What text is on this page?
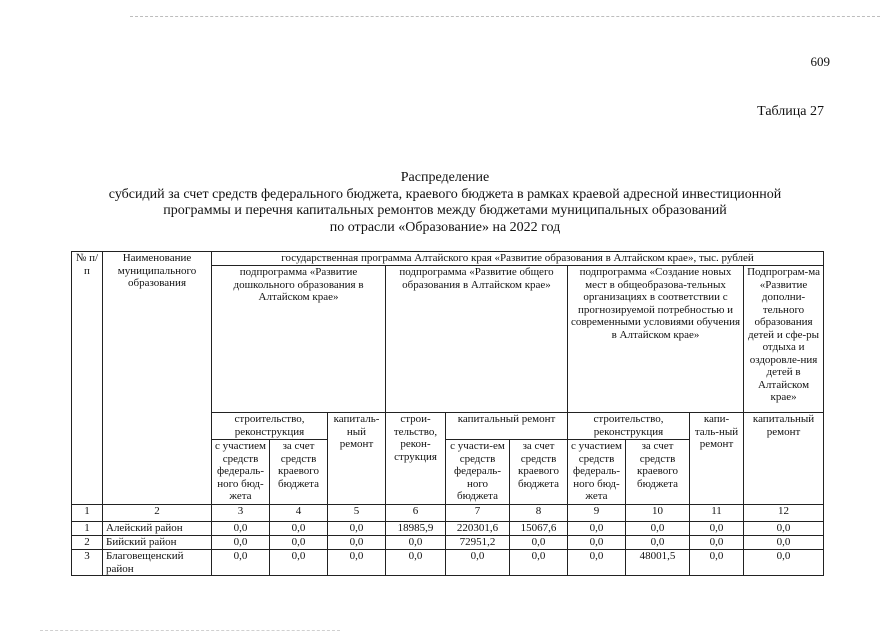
609
Таблица 27
Распределение
субсидий за счет средств федерального бюджета, краевого бюджета в рамках краевой адресной инвестиционной
программы и перечня капитальных ремонтов между бюджетами муниципальных образований
по отрасли «Образование» на 2022 год
№ п/п	Наименование муниципального образования	государственная программа Алтайского края «Развитие образования в Алтайском крае», тыс. рублей									
		подпрограмма «Развитие дошкольного образования в Алтайском крае»			подпрограмма «Развитие общего образования в Алтайском крае»			подпрограмма «Создание новых мест в общеобразова-тельных организациях в соответствии с прогнозируемой потребностью и современными условиями обучения в Алтайском крае»			Подпрограм-ма «Развитие дополни-тельного образования детей и сфе-ры отдыха и оздоровле-ния детей в Алтайском крае»
		строительство, реконструкция		капиталь-ный ремонт	строи-тельство, рекон-струкция	капитальный ремонт		строительство, реконструкция		капи-таль-ный ремонт	капитальный ремонт
		с участием средств федераль-ного бюд-жета	за счет средств краевого бюджета			с участи-ем средств федераль-ного бюджета	за счет средств краевого бюджета	с участием средств федераль-ного бюд-жета	за счет средств краевого бюджета		
1	2	3	4	5	6	7	8	9	10	11	12
1	Алейский район	0,0	0,0	0,0	18985,9	220301,6	15067,6	0,0	0,0	0,0	0,0
2	Бийский район	0,0	0,0	0,0	0,0	72951,2	0,0	0,0	0,0	0,0	0,0
3	Благовещенский район	0,0	0,0	0,0	0,0	0,0	0,0	0,0	48001,5	0,0	0,0
